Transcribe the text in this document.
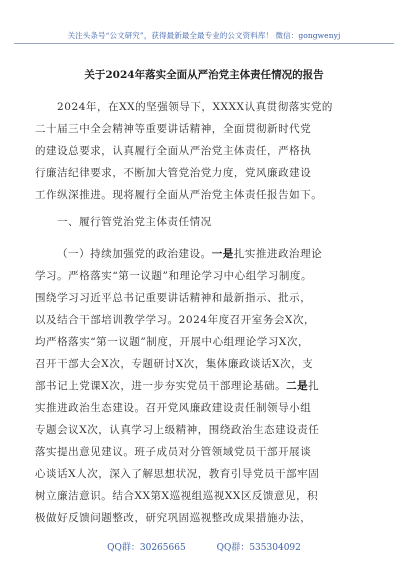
关注头条号“公文研究”，获得最新最全最专业的公文资料库！ 微信：gongwenyj
关于2024年落实全面从严治党主体责任情况的报告
2024年，在XX的坚强领导下，XXXX认真贯彻落实党的
二十届三中全会精神等重要讲话精神，全面贯彻新时代党
的建设总要求，认真履行全面从严治党主体责任，严格执
行廉洁纪律要求，不断加大管党治党力度，党风廉政建设
工作纵深推进。现将履行全面从严治党主体责任报告如下。
一、履行管党治党主体责任情况
（一）持续加强党的政治建设。一是扎实推进政治理论
学习。严格落实“第一议题”和理论学习中心组学习制度。
围绕学习习近平总书记重要讲话精神和最新指示、批示，
以及结合干部培训教学学习。2024年度召开室务会X次，
均严格落实“第一议题”制度，开展中心组理论学习X次，
召开干部大会X次，专题研讨X次，集体廉政谈话X次，支
部书记上党课X次，进一步夯实党员干部理论基础。二是扎
实推进政治生态建设。召开党风廉政建设责任制领导小组
专题会议X次，认真学习上级精神，围绕政治生态建设责任
落实提出意见建议。班子成员对分管领域党员干部开展谈
心谈话X人次，深入了解思想状况，教育引导党员干部牢固
树立廉洁意识。结合XX第X巡视组巡视XX区反馈意见，积
极做好反馈问题整改，研究巩固巡视整改成果措施办法，
QQ群：30265665	QQ群：535304092
